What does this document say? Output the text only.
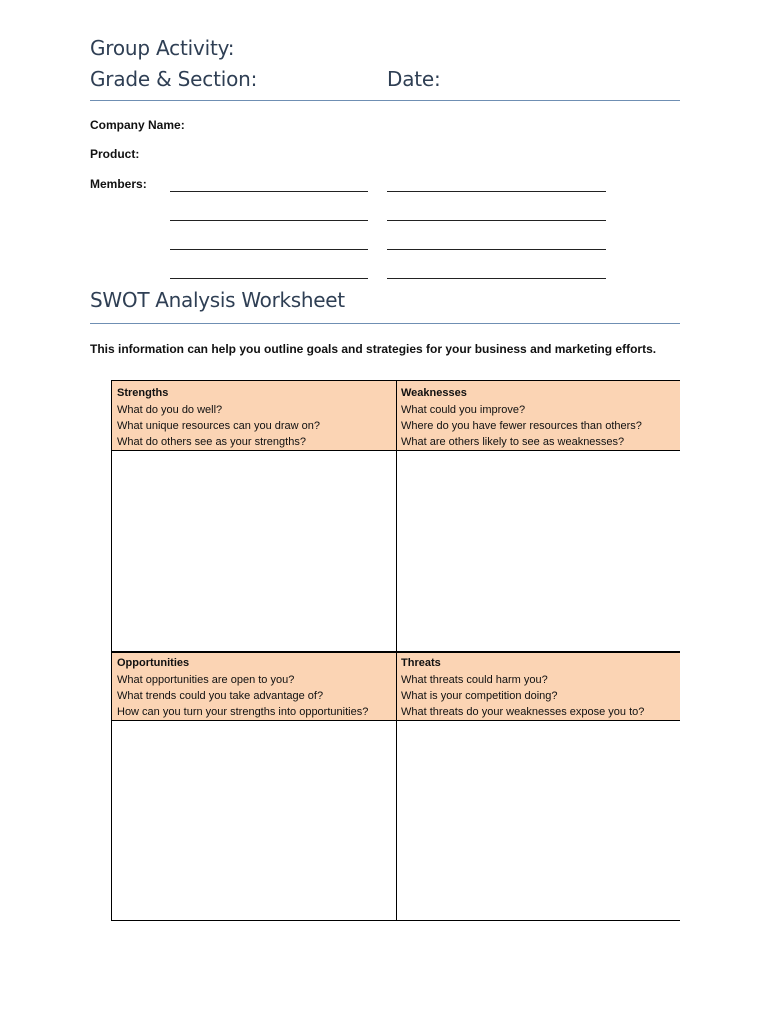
Group Activity:
Grade & Section:	Date:
Company Name:
Product:
Members:
SWOT Analysis Worksheet
This information can help you outline goals and strategies for your business and marketing efforts.
Strengths
What do you do well?
What unique resources can you draw on?
What do others see as your strengths?
Weaknesses
What could you improve?
Where do you have fewer resources than others?
What are others likely to see as weaknesses?
Opportunities
What opportunities are open to you?
What trends could you take advantage of?
How can you turn your strengths into opportunities?
Threats
What threats could harm you?
What is your competition doing?
What threats do your weaknesses expose you to?
